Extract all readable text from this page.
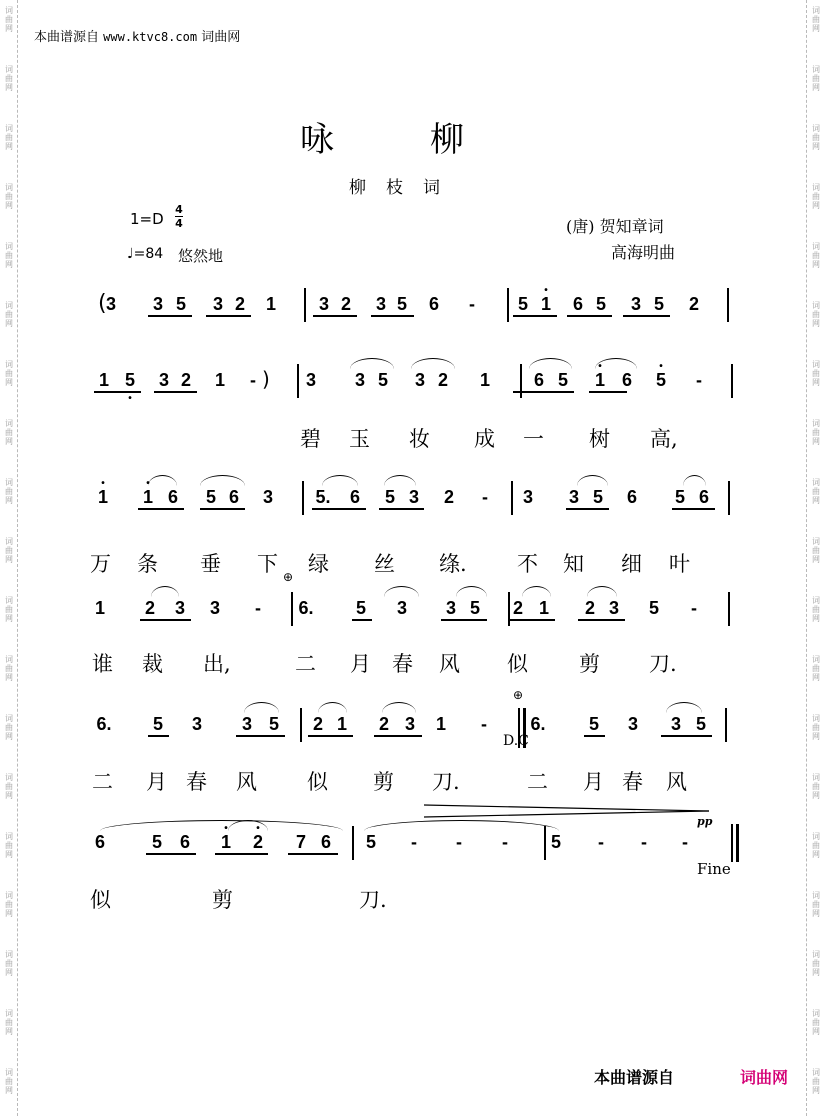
词
曲
网
词
曲
网
词
曲
网
词
曲
网
词
曲
网
词
曲
网
词
曲
网
词
曲
网
词
曲
网
词
曲
网
词
曲
网
词
曲
网
词
曲
网
词
曲
网
词
曲
网
词
曲
网
词
曲
网
词
曲
网
词
曲
网
词
曲
网
词
曲
网
词
曲
网
词
曲
网
词
曲
网
词
曲
网
词
曲
网
词
曲
网
词
曲
网
词
曲
网
词
曲
网
词
曲
网
词
曲
网
词
曲
网
词
曲
网
词
曲
网
词
曲
网
词
曲
网
词
曲
网
本曲谱源自 www.ktvc8.com 词曲网
咏柳
柳枝词
1=D
4
4
♩=84 悠然地
(唐) 贺知章词
高海明曲
3 3 5 3 2 1 3 2 3 5 6	-	5 • 1 6 5 3 5 2
1 5 • 3 2 1	-	3 3 5 3 2 1 6 5 • 1 6 • 5	-
碧 玉 妆 成 一 树 高,
• 1 • 1 6 5 6 3 5. 6 5 3 2	-	3 3 5 6 5 6
万 条 垂 下 绿 丝 绦. 不 知 细 叶
1 2 3 3	-	6. 5 3 3 5 2 1 2 3 5	-
谁 裁 出,	二 月 春 风 似 剪 刀.
6. 5 3 3 5 2 1 2 3 1	-	6. 5 3 3 5
二 月 春 风 似 剪 刀.	二 月 春 风
6	5 6 • 1 • 2 7 6 5	-	-	-	5	-	-	-
似	剪	刀.
(
)
D.C
Fine
pp
⊕
⊕
本曲谱源自	词曲网
